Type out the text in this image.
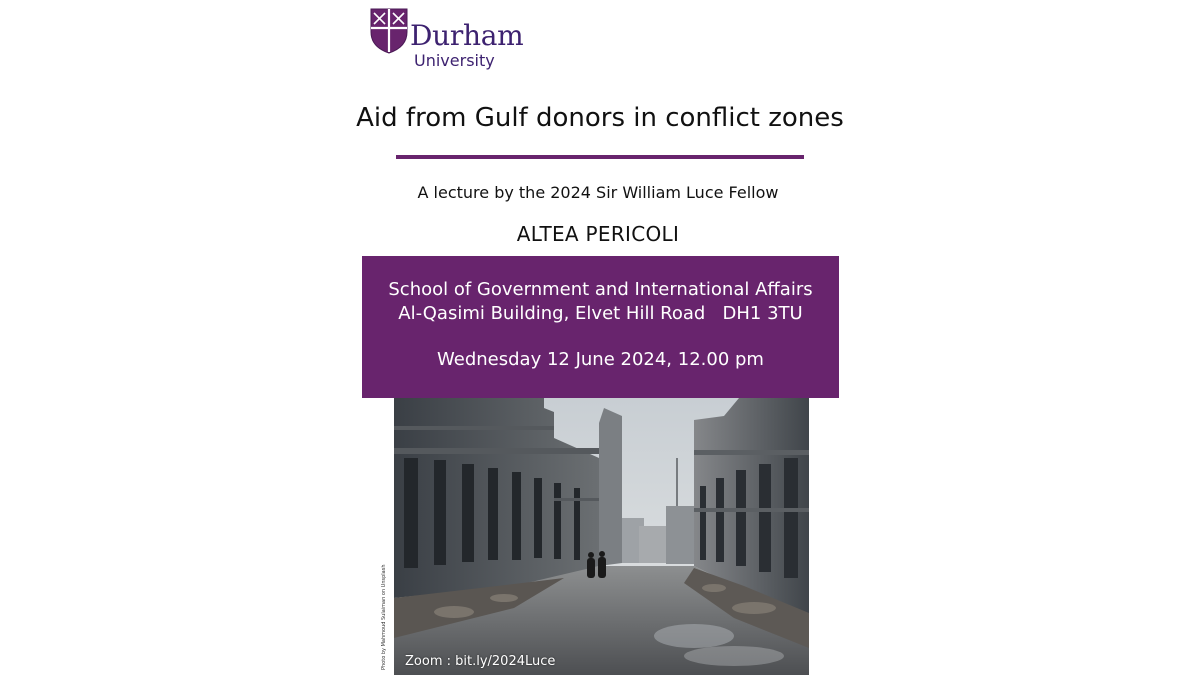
Durham
University
Aid from Gulf donors in conflict zones
A lecture by the 2024 Sir William Luce Fellow
ALTEA PERICOLI
School of Government and International Affairs
Al-Qasimi Building, Elvet Hill Road   DH1 3TU
Wednesday 12 June 2024, 12.00 pm
Photo by Mahmoud Sulaiman on Unsplash Zoom : bit.ly/2024Luce
